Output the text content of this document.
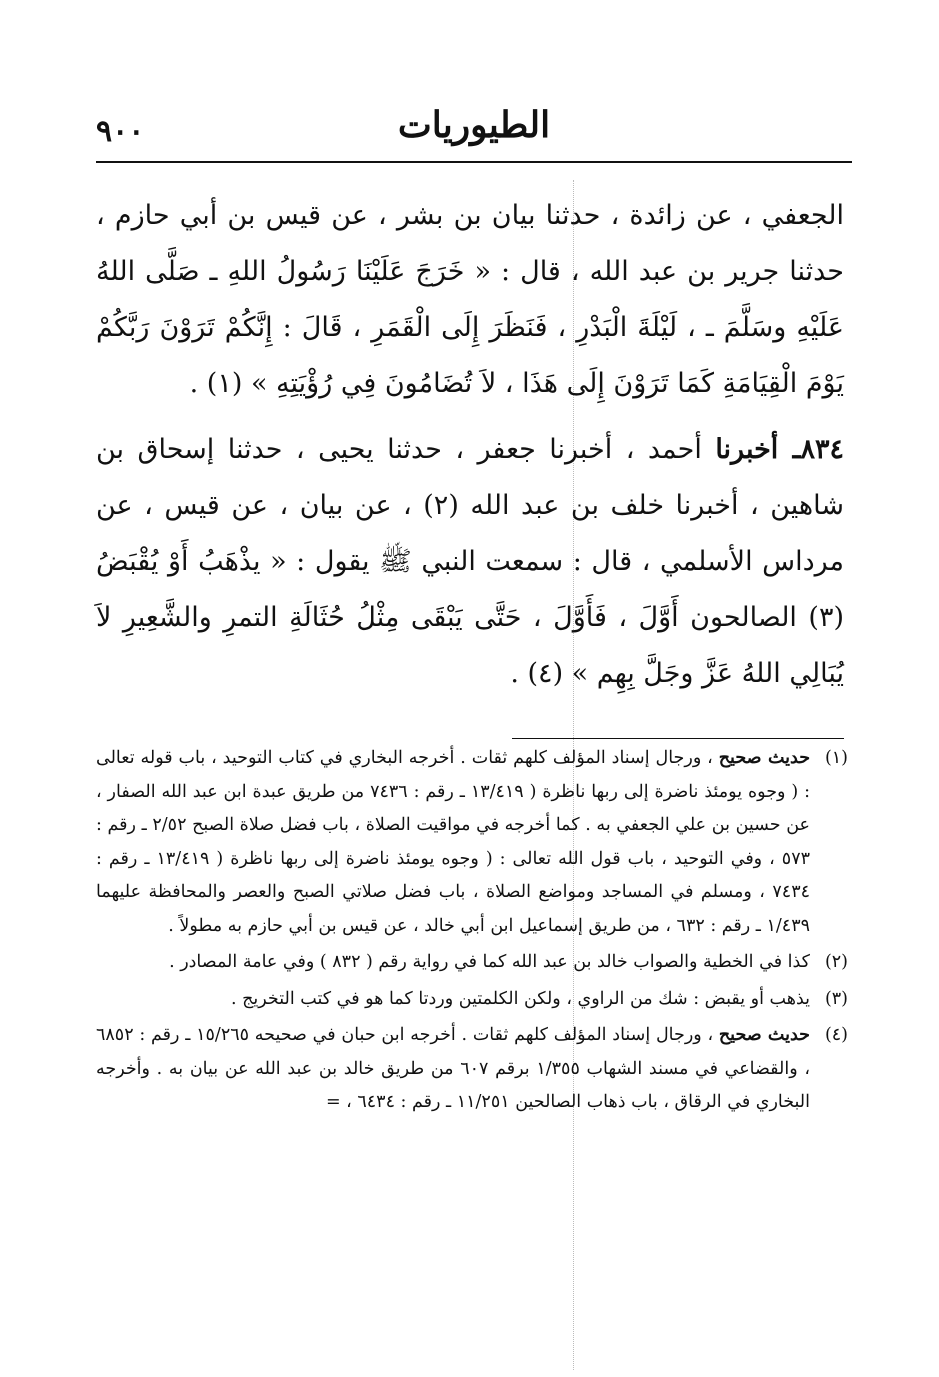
٩٠٠	الطيوريات

الجعفي ، عن زائدة ، حدثنا بيان بن بشر ، عن قيس بن أبي حازم ، حدثنا جرير بن عبد الله ، قال : « خَرَجَ عَلَيْنَا رَسُولُ اللهِ ـ صَلَّى اللهُ عَلَيْهِ وسَلَّمَ ـ ، لَيْلَةَ الْبَدْرِ ، فَنَظَرَ إِلَى الْقَمَرِ ، قَالَ : إِنَّكُمْ تَرَوْنَ رَبَّكُمْ يَوْمَ الْقِيَامَةِ كَمَا تَرَوْنَ إِلَى هَذَا ، لاَ تُضَامُونَ فِي رُؤْيَتِهِ » (١) .

٨٣٤ـ أخبرنا أحمد ، أخبرنا جعفر ، حدثنا يحيى ، حدثنا إسحاق بن شاهين ، أخبرنا خلف بن عبد الله (٢) ، عن بيان ، عن قيس ، عن مرداس الأسلمي ، قال : سمعت النبي ﷺ يقول : « يذْهَبُ أَوْ يُقْبَضُ (٣) الصالحون أَوَّلَ ، فَأَوَّلَ ، حَتَّى يَبْقَى مِثْلُ حُثَالَةِ التمرِ والشَّعِيرِ لاَ يُبَالِي اللهُ عَزَّ وجَلَّ بِهِم » (٤) .

(١)
حديث صحيح ، ورجال إسناد المؤلف كلهم ثقات . أخرجه البخاري في كتاب التوحيد ، باب قوله تعالى : ( وجوه يومئذ ناضرة إلى ربها ناظرة ( ١٣/٤١٩ ـ رقم : ٧٤٣٦ من طريق عبدة ابن عبد الله الصفار ، عن حسين بن علي الجعفي به . كما أخرجه في مواقيت الصلاة ، باب فضل صلاة الصبح ٢/٥٢ ـ رقم : ٥٧٣ ، وفي التوحيد ، باب قول الله تعالى : ( وجوه يومئذ ناضرة إلى ربها ناظرة ( ١٣/٤١٩ ـ رقم : ٧٤٣٤ ، ومسلم في المساجد ومواضع الصلاة ، باب فضل صلاتي الصبح والعصر والمحافظة عليهما ١/٤٣٩ ـ رقم : ٦٣٢ ، من طريق إسماعيل ابن أبي خالد ، عن قيس بن أبي حازم به مطولاً .
(٢)
كذا في الخطية والصواب خالد بن عبد الله كما في رواية رقم ( ٨٣٢ ) وفي عامة المصادر .
(٣)
يذهب أو يقبض : شك من الراوي ، ولكن الكلمتين وردتا كما هو في كتب التخريج .
(٤)
حديث صحيح ، ورجال إسناد المؤلف كلهم ثقات . أخرجه ابن حبان في صحيحه ١٥/٢٦٥ ـ رقم : ٦٨٥٢ ، والقضاعي في مسند الشهاب ١/٣٥٥ برقم ٦٠٧ من طريق خالد بن عبد الله عن بيان به . وأخرجه البخاري في الرقاق ، باب ذهاب الصالحين ١١/٢٥١ ـ رقم : ٦٤٣٤ ، =
